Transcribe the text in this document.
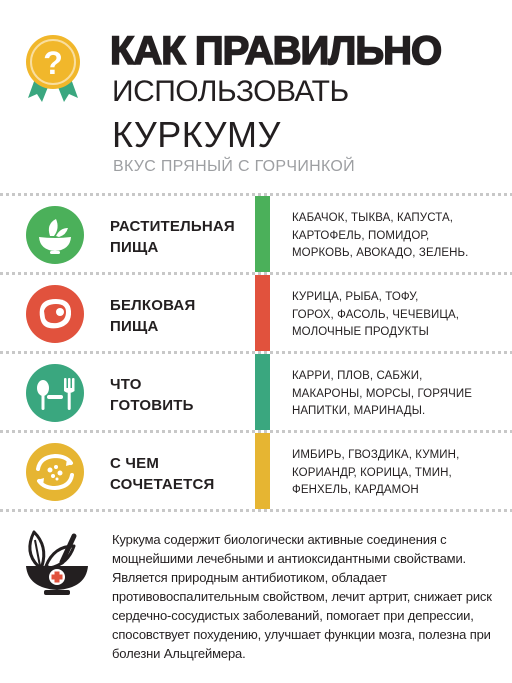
? КАК ПРАВИЛЬНО
ИСПОЛЬЗОВАТЬ
КУРКУМУ
ВКУС ПРЯНЫЙ С ГОРЧИНКОЙ
РАСТИТЕЛЬНАЯ
ПИЩА
КАБАЧОК, ТЫКВА, КАПУСТА,
КАРТОФЕЛЬ, ПОМИДОР,
МОРКОВЬ, АВОКАДО, ЗЕЛЕНЬ.
БЕЛКОВАЯ
ПИЩА
КУРИЦА, РЫБА, ТОФУ,
ГОРОХ, ФАСОЛЬ, ЧЕЧЕВИЦА,
МОЛОЧНЫЕ ПРОДУКТЫ
ЧТО
ГОТОВИТЬ
КАРРИ, ПЛОВ, САБЖИ,
МАКАРОНЫ, МОРСЫ, ГОРЯЧИЕ
НАПИТКИ, МАРИНАДЫ.
С ЧЕМ
СОЧЕТАЕТСЯ
ИМБИРЬ, ГВОЗДИКА, КУМИН,
КОРИАНДР, КОРИЦА, ТМИН,
ФЕНХЕЛЬ, КАРДАМОН
Куркума содержит биологически активные соединения с мощнейшими лечебными и антиоксидантными свойствами. Является природным антибиотиком, обладает противовоспалительным свойством, лечит артрит, снижает риск сердечно-сосудистых заболеваний, помогает при депрессии, спосовствует похудению, улучшает функции мозга, полезна при болезни Альцгеймера.
